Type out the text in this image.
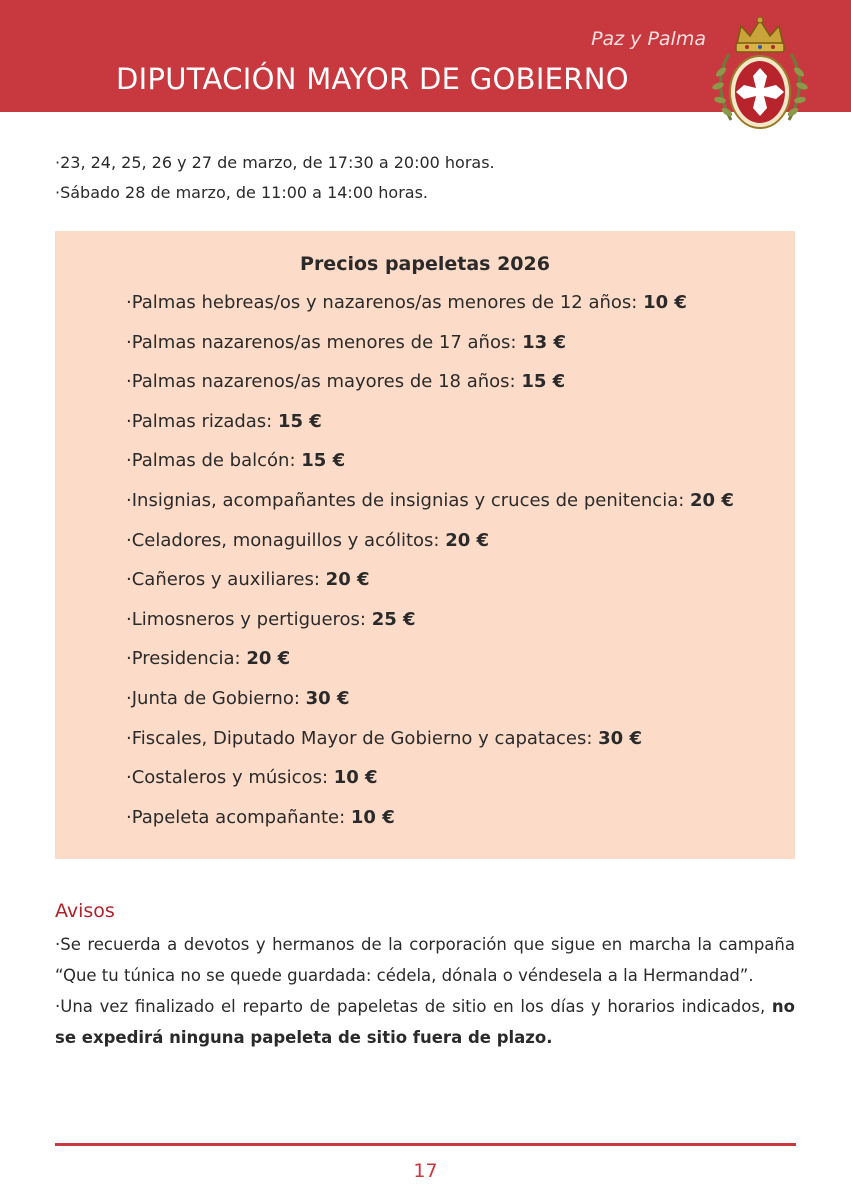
Paz y Palma
DIPUTACIÓN MAYOR DE GOBIERNO
·23, 24, 25, 26 y 27 de marzo, de 17:30 a 20:00 horas.
·Sábado 28 de marzo, de 11:00 a 14:00 horas.
Precios papeletas 2026
·Palmas hebreas/os y nazarenos/as menores de 12 años: 10 €
·Palmas nazarenos/as menores de 17 años: 13 €
·Palmas nazarenos/as mayores de 18 años: 15 €
·Palmas rizadas: 15 €
·Palmas de balcón: 15 €
·Insignias, acompañantes de insignias y cruces de penitencia: 20 €
·Celadores, monaguillos y acólitos: 20 €
·Cañeros y auxiliares: 20 €
·Limosneros y pertigueros: 25 €
·Presidencia: 20 €
·Junta de Gobierno: 30 €
·Fiscales, Diputado Mayor de Gobierno y capataces: 30 €
·Costaleros y músicos: 10 €
·Papeleta acompañante: 10 €
Avisos

·Se recuerda a devotos y hermanos de la corporación que sigue en marcha la campaña “Que tu túnica no se quede guardada: cédela, dónala o véndesela a la Hermandad”.

·Una vez finalizado el reparto de papeletas de sitio en los días y horarios indicados, no se expedirá ninguna papeleta de sitio fuera de plazo.

17
